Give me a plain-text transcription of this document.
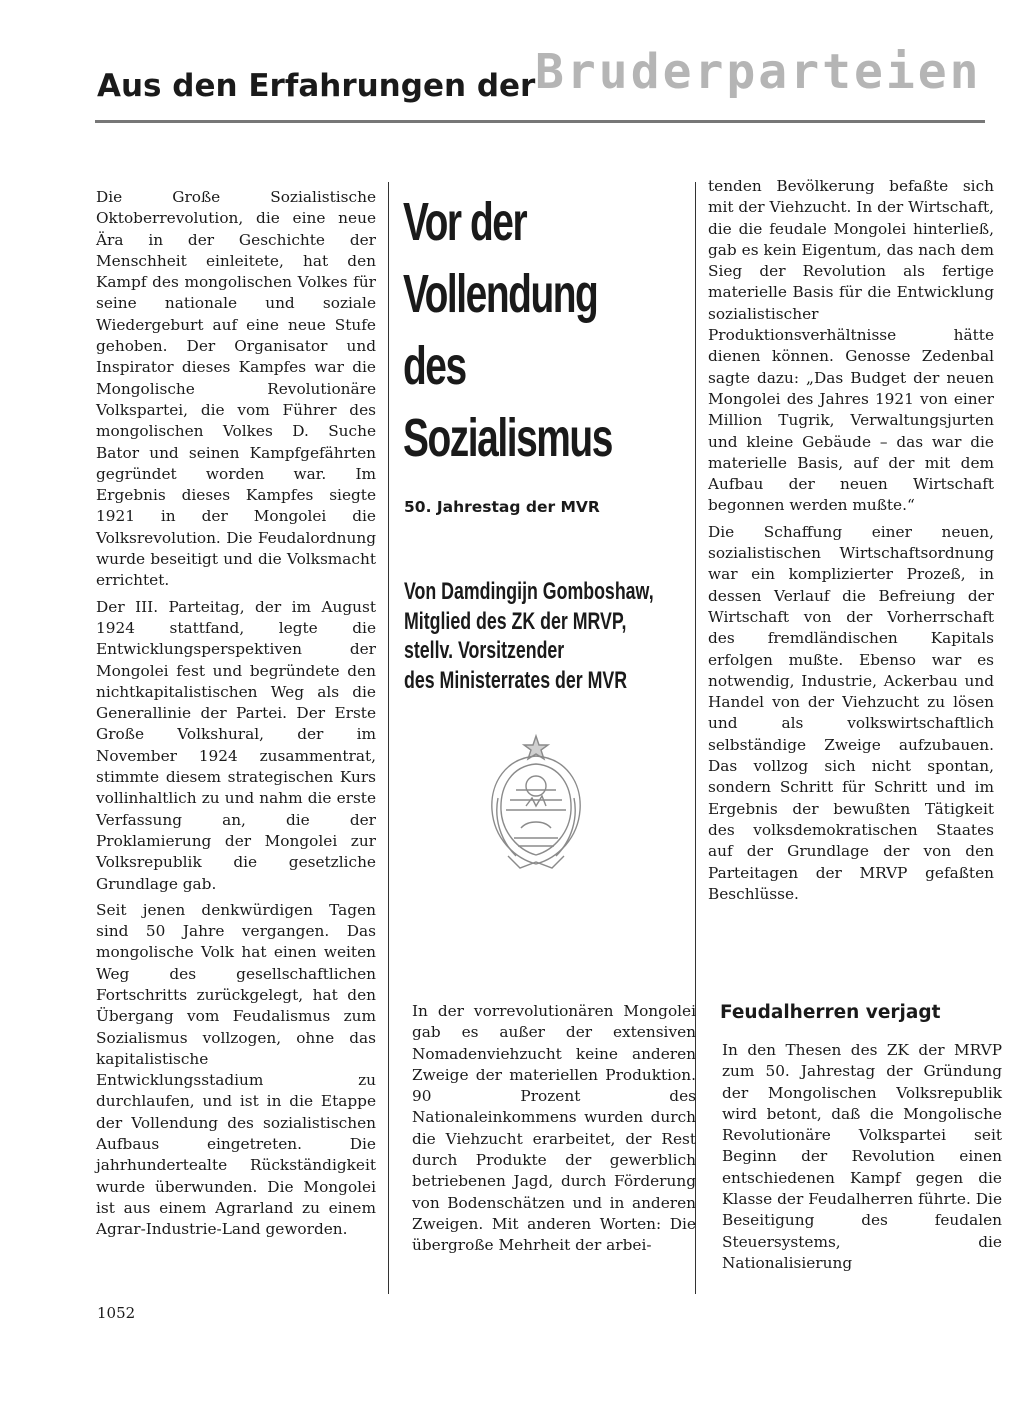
Aus den Erfahrungen der Bruderparteien

Die Große Sozialistische Oktoberrevolution, die eine neue Ära in der Geschichte der Menschheit einleitete, hat den Kampf des mongolischen Volkes für seine nationale und soziale Wiedergeburt auf eine neue Stufe gehoben. Der Organisator und Inspirator dieses Kampfes war die Mongolische Revolutionäre Volkspartei, die vom Führer des mongolischen Volkes D. Suche Bator und seinen Kampfgefährten gegründet worden war. Im Ergebnis dieses Kampfes siegte 1921 in der Mongolei die Volksrevolution. Die Feudalordnung wurde beseitigt und die Volksmacht errichtet.

Der III. Parteitag, der im August 1924 stattfand, legte die Entwicklungsperspektiven der Mongolei fest und begründete den nichtkapitalistischen Weg als die Generallinie der Partei. Der Erste Große Volkshural, der im November 1924 zusammentrat, stimmte diesem strategischen Kurs vollinhaltlich zu und nahm die erste Verfassung an, die der Proklamierung der Mongolei zur Volksrepublik die gesetzliche Grundlage gab.

Seit jenen denkwürdigen Tagen sind 50 Jahre vergangen. Das mongolische Volk hat einen weiten Weg des gesellschaftlichen Fortschritts zurückgelegt, hat den Übergang vom Feudalismus zum Sozialismus vollzogen, ohne das kapitalistische Entwicklungsstadium zu durchlaufen, und ist in die Etappe der Vollendung des sozialistischen Aufbaus eingetreten. Die jahrhundertealte Rückständigkeit wurde überwunden. Die Mongolei ist aus einem Agrarland zu einem Agrar-Industrie-Land geworden.

Vor der
Vollendung
des
Sozialismus
50. Jahrestag der MVR
Von Damdingijn Gomboshaw,
Mitglied des ZK der MRVP,
stellv. Vorsitzender
des Ministerrates der MVR

In der vorrevolutionären Mongolei gab es außer der extensiven Nomadenviehzucht keine anderen Zweige der materiellen Produktion. 90 Prozent des Nationaleinkommens wurden durch die Viehzucht erarbeitet, der Rest durch Produkte der gewerblich betriebenen Jagd, durch Förderung von Bodenschätzen und in anderen Zweigen. Mit anderen Worten: Die übergroße Mehrheit der arbei-

tenden Bevölkerung befaßte sich mit der Viehzucht. In der Wirtschaft, die die feudale Mongolei hinterließ, gab es kein Eigentum, das nach dem Sieg der Revolution als fertige materielle Basis für die Entwicklung sozialistischer Produktionsverhältnisse hätte dienen können. Genosse Zedenbal sagte dazu: „Das Budget der neuen Mongolei des Jahres 1921 von einer Million Tugrik, Verwaltungsjurten und kleine Gebäude – das war die materielle Basis, auf der mit dem Aufbau der neuen Wirtschaft begonnen werden mußte.“

Die Schaffung einer neuen, sozialistischen Wirtschaftsordnung war ein komplizierter Prozeß, in dessen Verlauf die Befreiung der Wirtschaft von der Vorherrschaft des fremdländischen Kapitals erfolgen mußte. Ebenso war es notwendig, Industrie, Ackerbau und Handel von der Viehzucht zu lösen und als volkswirtschaftlich selbständige Zweige aufzubauen. Das vollzog sich nicht spontan, sondern Schritt für Schritt und im Ergebnis der bewußten Tätigkeit des volksdemokratischen Staates auf der Grundlage der von den Parteitagen der MRVP gefaßten Beschlüsse.

Feudalherren verjagt

In den Thesen des ZK der MRVP zum 50. Jahrestag der Gründung der Mongolischen Volksrepublik wird betont, daß die Mongolische Revolutionäre Volkspartei seit Beginn der Revolution einen entschiedenen Kampf gegen die Klasse der Feudalherren führte. Die Beseitigung des feudalen Steuersystems, die Nationalisierung

1052
